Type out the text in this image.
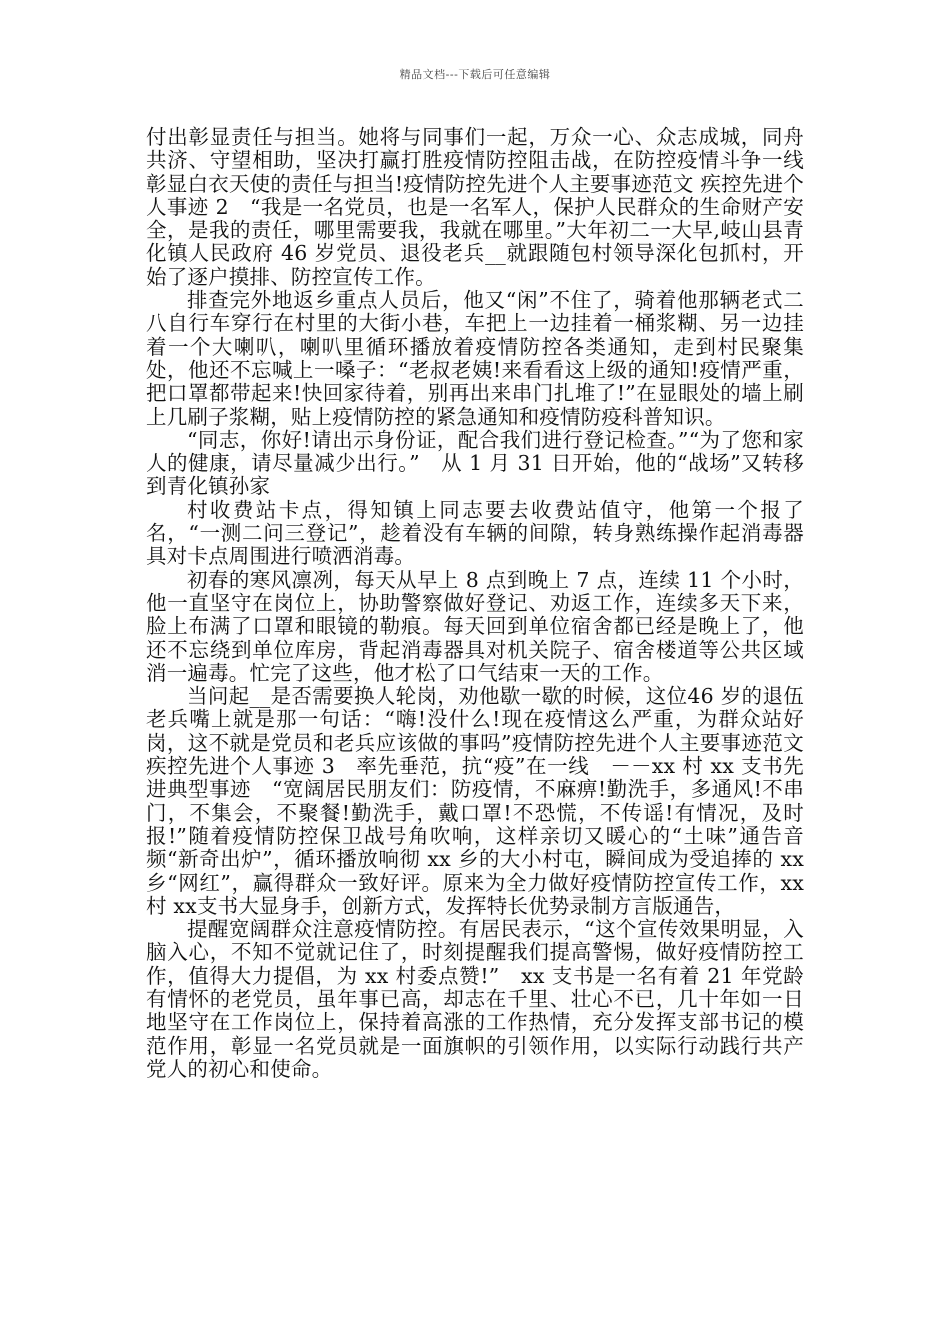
精品文档---下载后可任意编辑

付出彰显责任与担当。她将与同事们一起，万众一心、众志成城，同舟共济、守望相助，坚决打赢打胜疫情防控阻击战，在防控疫情斗争一线彰显白衣天使的责任与担当!疫情防控先进个人主要事迹范文 疾控先进个人事迹 2　“我是一名党员，也是一名军人，保护人民群众的生命财产安全，是我的责任，哪里需要我，我就在哪里。”大年初二一大早,岐山县青化镇人民政府 46 岁党员、退役老兵__就跟随包村领导深化包抓村，开始了逐户摸排、防控宣传工作。

排查完外地返乡重点人员后，他又“闲”不住了，骑着他那辆老式二八自行车穿行在村里的大街小巷，车把上一边挂着一桶浆糊、另一边挂着一个大喇叭，喇叭里循环播放着疫情防控各类通知，走到村民聚集处，他还不忘喊上一嗓子：“老叔老姨!来看看这上级的通知!疫情严重，把口罩都带起来!快回家待着，别再出来串门扎堆了!”在显眼处的墙上刷上几刷子浆糊，贴上疫情防控的紧急通知和疫情防疫科普知识。

“同志，你好!请出示身份证，配合我们进行登记检查。”“为了您和家人的健康，请尽量减少出行。”　从 1 月 31 日开始，他的“战场”又转移到青化镇孙家

村收费站卡点，得知镇上同志要去收费站值守，他第一个报了名，“一测二问三登记”，趁着没有车辆的间隙，转身熟练操作起消毒器具对卡点周围进行喷洒消毒。

初春的寒风凛冽，每天从早上 8 点到晚上 7 点，连续 11 个小时，他一直坚守在岗位上，协助警察做好登记、劝返工作，连续多天下来，脸上布满了口罩和眼镜的勒痕。每天回到单位宿舍都已经是晚上了，他还不忘绕到单位库房，背起消毒器具对机关院子、宿舍楼道等公共区域消一遍毒。忙完了这些，他才松了口气结束一天的工作。

当问起__是否需要换人轮岗，劝他歇一歇的时候，这位46 岁的退伍老兵嘴上就是那一句话：“嗨!没什么!现在疫情这么严重，为群众站好岗，这不就是党员和老兵应该做的事吗”疫情防控先进个人主要事迹范文 疾控先进个人事迹 3　率先垂范，抗“疫”在一线　－－xx 村 xx 支书先进典型事迹　“宽阔居民朋友们：防疫情，不麻痹!勤洗手，多通风!不串门，不集会，不聚餐!勤洗手，戴口罩!不恐慌，不传谣!有情况，及时报!”随着疫情防控保卫战号角吹响，这样亲切又暖心的“土味”通告音频“新奇出炉”，循环播放响彻 xx 乡的大小村屯，瞬间成为受追捧的 xx 乡“网红”，赢得群众一致好评。原来为全力做好疫情防控宣传工作，xx 村 xx支书大显身手，创新方式，发挥特长优势录制方言版通告，

提醒宽阔群众注意疫情防控。有居民表示，“这个宣传效果明显，入脑入心，不知不觉就记住了，时刻提醒我们提高警惕，做好疫情防控工作，值得大力提倡，为 xx 村委点赞!”　xx 支书是一名有着 21 年党龄有情怀的老党员，虽年事已高，却志在千里、壮心不已，几十年如一日地坚守在工作岗位上，保持着高涨的工作热情，充分发挥支部书记的模范作用，彰显一名党员就是一面旗帜的引领作用，以实际行动践行共产党人的初心和使命。
